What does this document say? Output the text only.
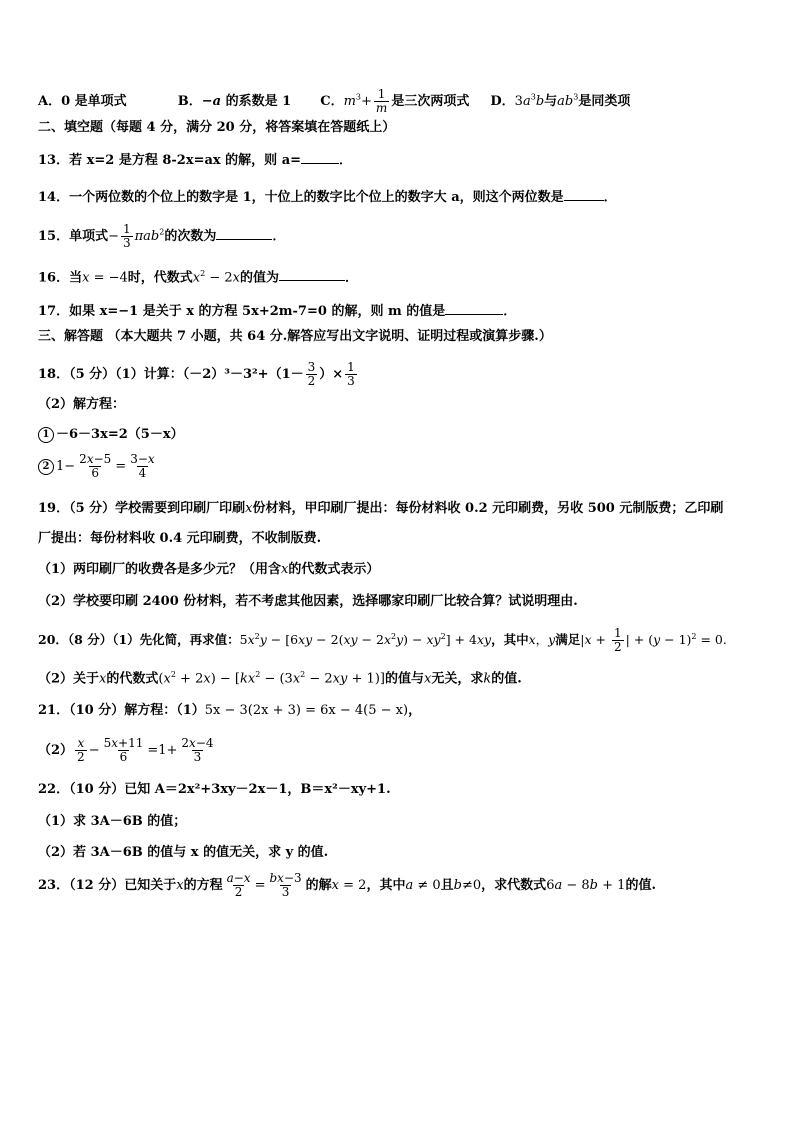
A．0 是单项式	B．−a 的系数是 1 C．$m^3+ \frac{1}{m}$ 是三次两项式 D．$3a^3b$与$ab^3$是同类项
二、填空题（每题 4 分，满分 20 分，将答案填在答题纸上）
13．若 x=2 是方程 8-2x=ax 的解，则 a=	．
14．一个两位数的个位上的数字是 1，十位上的数字比个位上的数字大 a，则这个两位数是	．
15．单项式− $\frac{1}{3} \pi ab^2$的次数为	．
16．当x = −4时，代数式$x^2 - 2x$的值为	．
17．如果 x=−1 是关于 x 的方程 5x+2m-7=0 的解，则 m 的值是	．
三、解答题 （本大题共 7 小题，共 64 分.解答应写出文字说明、证明过程或演算步骤.）
18．（5 分）（1）计算：$(-2)^3-3^2+(1- \frac{3}{2}$ ）× $\frac{1}{3}$
（2）解方程：
1 －6－3x=2（5－x）
2 $1- \frac{2x-5}{6} = \frac{3-x}{4}$
19．（5 分）学校需要到印刷厂印刷x份材料，甲印刷厂提出：每份材料收 0.2 元印刷费，另收 500 元制版费；乙印刷
厂提出：每份材料收 0.4 元印刷费，不收制版费.
（1）两印刷厂的收费各是多少元？（用含x的代数式表示）
（2）学校要印刷 2400 份材料，若不考虑其他因素，选择哪家印刷厂比较合算？试说明理由.
20．（8 分）（1）先化简，再求值：$5x^2y - [6xy - 2(xy - 2x^2y) - xy^2] + 4xy$，其中x，y满足$|x + \frac{1}{2}$ | + $(y - 1)^2 = 0$.
（2）关于x的代数式$(x^2 + 2x) - [kx^2 - (3x^2 - 2xy + 1)]$的值与x无关，求k的值.
21．（10 分）解方程：（1）5x − 3(2x + 3) = 6x − 4(5 − x)，
$(2) \frac{x}{2} - \frac{5x+11}{6} =1+ \frac{2x-4}{3}$
22．（10 分）已知 A＝2x²+3xy－2x－1，B＝x²－xy+1.
（1）求 3A－6B 的值；
（2）若 3A－6B 的值与 x 的值无关，求 y 的值.
23．（12 分）已知关于x的方程 $\frac{a-x}{2} = \frac{bx-3}{3}$ 的解x = 2，其中a ≠ 0且b≠0，求代数式6a − 8b + 1的值.
